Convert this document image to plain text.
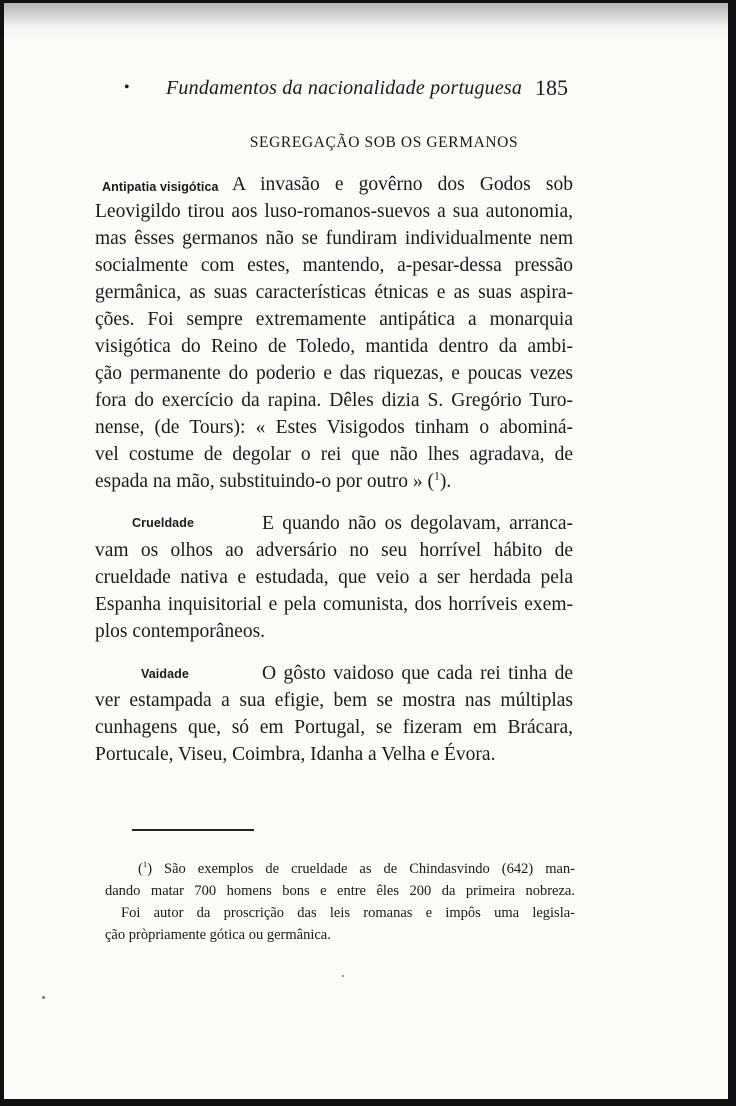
• Fundamentos da nacionalidade portuguesa 185
SEGREGAÇÃO SOB OS GERMANOS
Antipatia visigótica A invasão e govêrno dos Godos sob
Leovigildo tirou aos luso-romanos-suevos a sua autonomia,
mas êsses germanos não se fundiram individualmente nem
socialmente com estes, mantendo, a-pesar-dessa pressão
germânica, as suas características étnicas e as suas aspira-
ções. Foi sempre extremamente antipática a monarquia
visigótica do Reino de Toledo, mantida dentro da ambi-
ção permanente do poderio e das riquezas, e poucas vezes
fora do exercício da rapina. Dêles dizia S. Gregório Turo-
nense, (de Tours): « Estes Visigodos tinham o abominá-
vel costume de degolar o rei que não lhes agradava, de
espada na mão, substituindo-o por outro » ($^1$).
Crueldade	E quando não os degolavam, arranca-
vam os olhos ao adversário no seu horrível hábito de
crueldade nativa e estudada, que veio a ser herdada pela
Espanha inquisitorial e pela comunista, dos horríveis exem-
plos contemporâneos.
Vaidade	O gôsto vaidoso que cada rei tinha de
ver estampada a sua efigie, bem se mostra nas múltiplas
cunhagens que, só em Portugal, se fizeram em Brácara,
Portucale, Viseu, Coimbra, Idanha a Velha e Évora.
($^1$) São exemplos de crueldade as de Chindasvindo (642) man-
dando matar 700 homens bons e entre êles 200 da primeira nobreza.
Foi autor da proscrição das leis romanas e impôs uma legisla-
ção pròpriamente gótica ou germânica.
